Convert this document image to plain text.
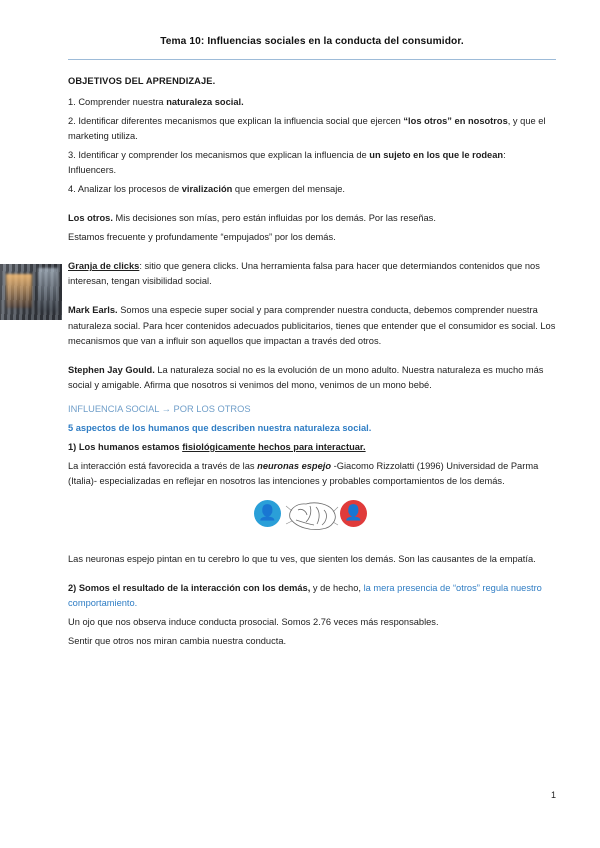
Tema 10: Influencias sociales en la conducta del consumidor.
OBJETIVOS DEL APRENDIZAJE.

1. Comprender nuestra naturaleza social.

2. Identificar diferentes mecanismos que explican la influencia social que ejercen “los otros” en nosotros, y que el marketing utiliza.

3. Identificar y comprender los mecanismos que explican la influencia de un sujeto en los que le rodean: Influencers.

4. Analizar los procesos de viralización que emergen del mensaje.

Los otros. Mis decisiones son mías, pero están influidas por los demás. Por las reseñas.

Estamos frecuente y profundamente “empujados” por los demás.

Granja de clicks: sitio que genera clicks. Una herramienta falsa para hacer que determiandos contenidos que nos interesan, tengan visibilidad social.

Mark Earls. Somos una especie super social y para comprender nuestra conducta, debemos comprender nuestra naturaleza social. Para hcer contenidos adecuados publicitarios, tienes que entender que el consumidor es social. Los mecanismos que van a influir son aquellos que impactan a través ded otros.

Stephen Jay Gould. La naturaleza social no es la evolución de un mono adulto. Nuestra naturaleza es mucho más social y amigable. Afirma que nosotros si venimos del mono, venimos de un mono bebé.

INFLUENCIA SOCIAL → POR LOS OTROS

5 aspectos de los humanos que describen nuestra naturaleza social.

1) Los humanos estamos fisiológicamente hechos para interactuar.

La interacción está favorecida a través de las neuronas espejo -Giacomo Rizzolatti (1996) Universidad de Parma (Italia)- especializadas en reflejar en nosotros las intenciones y probables comportamientos de los demás.

👤	👤

Las neuronas espejo pintan en tu cerebro lo que tu ves, que sienten los demás. Son las causantes de la empatía.

2) Somos el resultado de la interacción con los demás, y de hecho, la mera presencia de “otros” regula nuestro comportamiento.

Un ojo que nos observa induce conducta prosocial. Somos 2.76 veces más responsables.

Sentir que otros nos miran cambia nuestra conducta.

1
